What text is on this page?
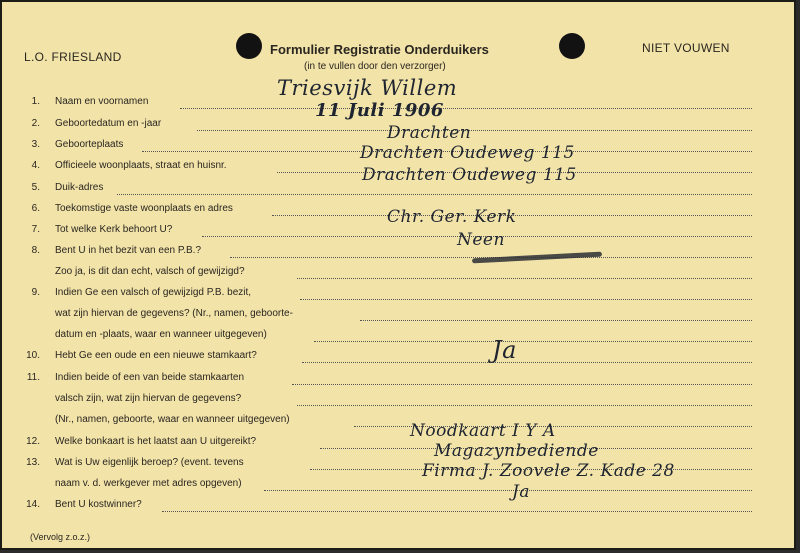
L.O. FRIESLAND
NIET VOUWEN
Formulier Registratie Onderduikers
(in te vullen door den verzorger)
1. Naam en voornamen
2. Geboortedatum en -jaar
3. Geboorteplaats
4. Officieele woonplaats, straat en huisnr.
5. Duik-adres
6. Toekomstige vaste woonplaats en adres
7. Tot welke Kerk behoort U?
8. Bent U in het bezit van een P.B.?
Zoo ja, is dit dan echt, valsch of gewijzigd?
9. Indien Ge een valsch of gewijzigd P.B. bezit,
wat zijn hiervan de gegevens? (Nr., namen, geboorte-
datum en -plaats, waar en wanneer uitgegeven)
10. Hebt Ge een oude en een nieuwe stamkaart?
11. Indien beide of een van beide stamkaarten
valsch zijn, wat zijn hiervan de gegevens?
(Nr., namen, geboorte, waar en wanneer uitgegeven)
12. Welke bonkaart is het laatst aan U uitgereikt?
13. Wat is Uw eigenlijk beroep? (event. tevens
naam v. d. werkgever met adres opgeven)
14. Bent U kostwinner?
Triesvijk Willem
11 Juli 1906
Drachten
Drachten Oudeweg 115
Drachten Oudeweg 115
Chr. Ger. Kerk
Neen
Ja
Noodkaart I Y A
Magazynbediende
Firma J. Zoovele Z. Kade 28
Ja
(Vervolg z.o.z.)
